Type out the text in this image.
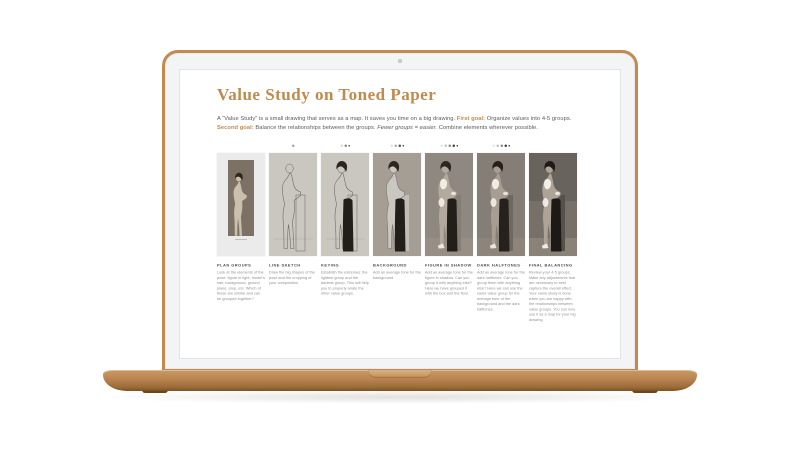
Value Study on Toned Paper
A “Value Study” is a small drawing that serves as a map. It saves you time on a big drawing. First goal: Organize values into 4-5 groups.
Second goal: Balance the relationships between the groups. Fewer groups = easier. Combine elements wherever possible.
PLAN GROUPS

Look at the elements of the pose: figure in light, model's hair, background, ground plane, prop, etc. Which of these are similar and can be grouped together?

LINE SKETCH

Draw the big shapes of the pose and the cropping of your composition.

KEYING

Establish the extremes: the lightest group and the darkest group. This will help you to properly relate the other value groups.

BACKGROUND

Add an average tone for the background.

FIGURE IN SHADOW

Add an average tone for the figure in shadow. Can you group it with anything else? Here we have grouped it with the box and the floor.

DARK HALFTONES

Add an average tone for the dark halftones. Can you group them with anything else? Here we can use the same value group for the average tone of the background and the dark halftones.

FINAL BALANCING

Review your 4-5 groups. Make any adjustments that are necessary to best capture the overall effect. Your value study is done when you are happy with the relationships between value groups. You can now use it as a map for your big drawing.
